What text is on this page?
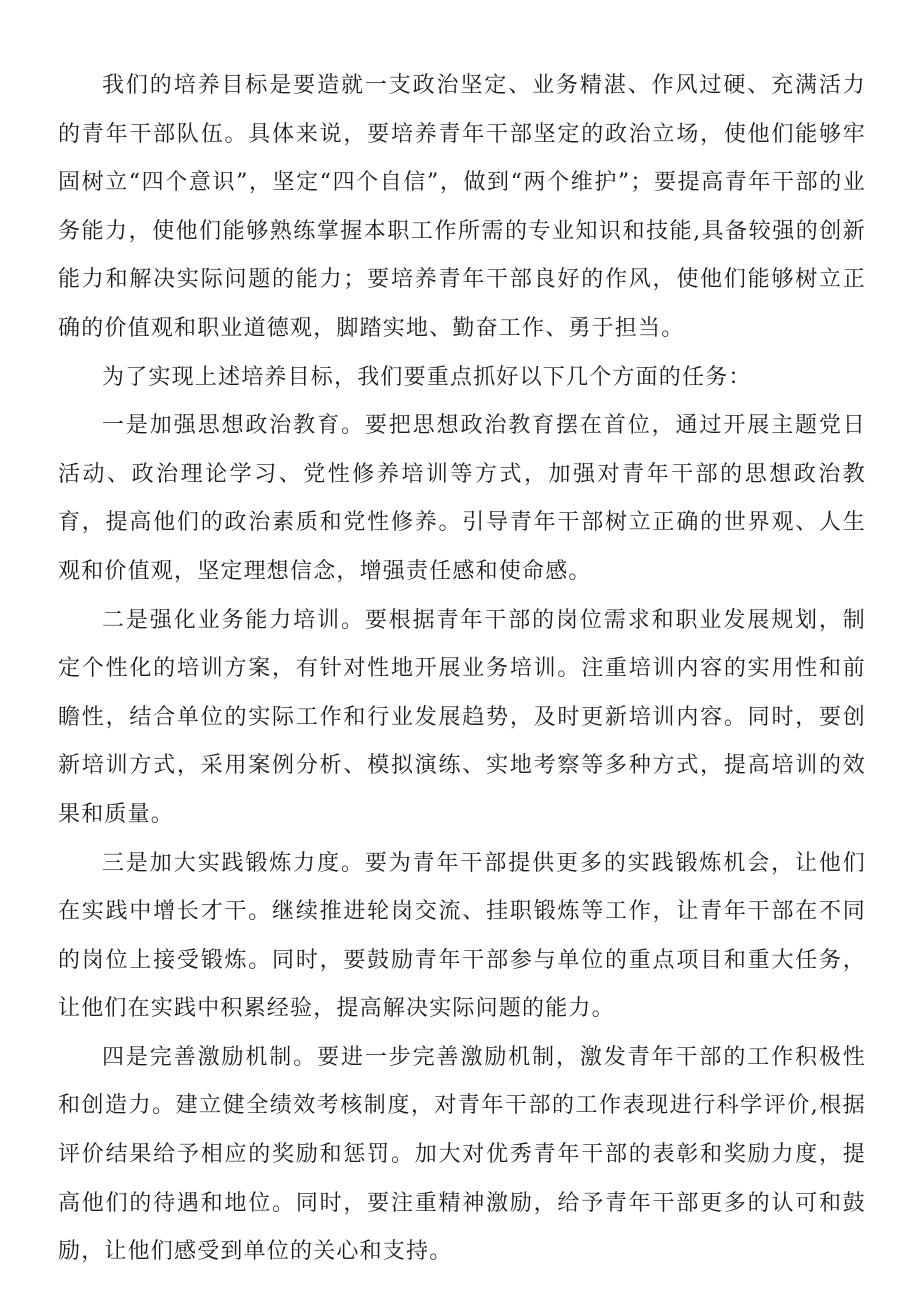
我们的培养目标是要造就一支政治坚定、业务精湛、作风过硬、充满活力的青年干部队伍。具体来说，要培养青年干部坚定的政治立场，使他们能够牢固树立“四个意识”，坚定“四个自信”，做到“两个维护”；要提高青年干部的业务能力，使他们能够熟练掌握本职工作所需的专业知识和技能,具备较强的创新能力和解决实际问题的能力；要培养青年干部良好的作风，使他们能够树立正确的价值观和职业道德观，脚踏实地、勤奋工作、勇于担当。

为了实现上述培养目标，我们要重点抓好以下几个方面的任务：

一是加强思想政治教育。要把思想政治教育摆在首位，通过开展主题党日活动、政治理论学习、党性修养培训等方式，加强对青年干部的思想政治教育，提高他们的政治素质和党性修养。引导青年干部树立正确的世界观、人生观和价值观，坚定理想信念，增强责任感和使命感。

二是强化业务能力培训。要根据青年干部的岗位需求和职业发展规划，制定个性化的培训方案，有针对性地开展业务培训。注重培训内容的实用性和前瞻性，结合单位的实际工作和行业发展趋势，及时更新培训内容。同时，要创新培训方式，采用案例分析、模拟演练、实地考察等多种方式，提高培训的效果和质量。

三是加大实践锻炼力度。要为青年干部提供更多的实践锻炼机会，让他们在实践中增长才干。继续推进轮岗交流、挂职锻炼等工作，让青年干部在不同的岗位上接受锻炼。同时，要鼓励青年干部参与单位的重点项目和重大任务，让他们在实践中积累经验，提高解决实际问题的能力。

四是完善激励机制。要进一步完善激励机制，激发青年干部的工作积极性和创造力。建立健全绩效考核制度，对青年干部的工作表现进行科学评价,根据评价结果给予相应的奖励和惩罚。加大对优秀青年干部的表彰和奖励力度，提高他们的待遇和地位。同时，要注重精神激励，给予青年干部更多的认可和鼓励，让他们感受到单位的关心和支持。
